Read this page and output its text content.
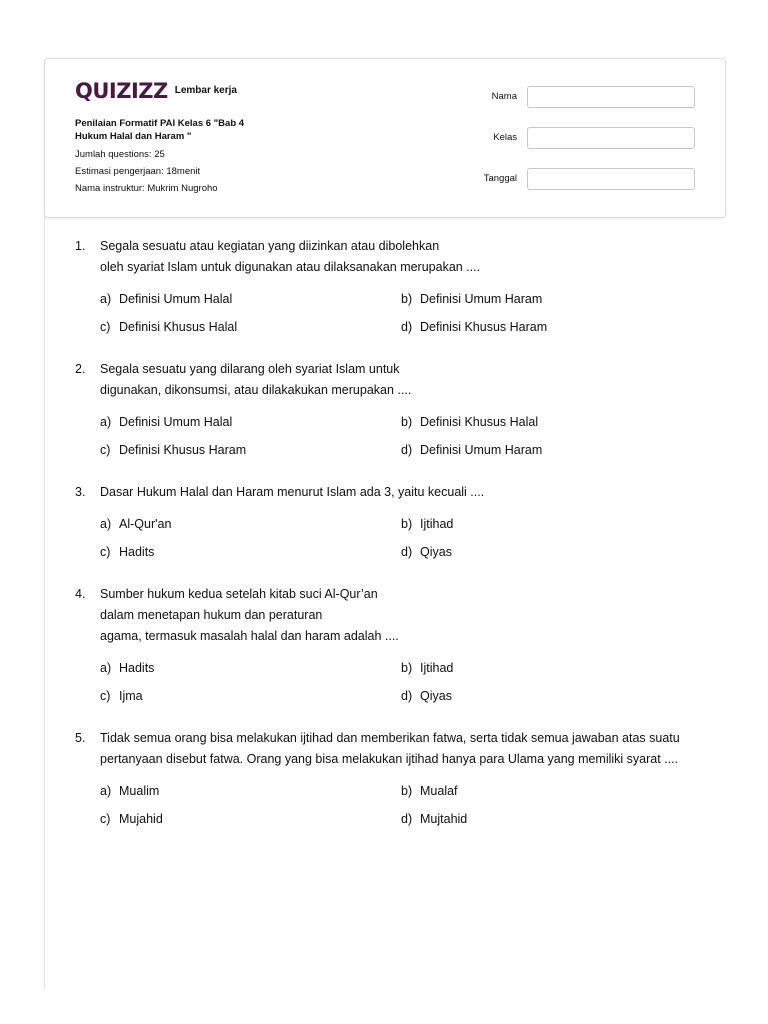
QUIZIZZ Lembar kerja
Penilaian Formatif PAI Kelas 6 "Bab 4
Hukum Halal dan Haram "
Jumlah questions: 25
Estimasi pengerjaan: 18menit
Nama instruktur: Mukrim Nugroho
Nama
Kelas
Tanggal
1.	Segala sesuatu atau kegiatan yang diizinkan atau dibolehkan
oleh syariat Islam untuk digunakan atau dilaksanakan merupakan ....
a) Definisi Umum Halal	b) Definisi Umum Haram
c) Definisi Khusus Halal	d) Definisi Khusus Haram
2.	Segala sesuatu yang dilarang oleh syariat Islam untuk
digunakan, dikonsumsi, atau dilakakukan merupakan ....
a) Definisi Umum Halal	b) Definisi Khusus Halal
c) Definisi Khusus Haram	d) Definisi Umum Haram
3.	Dasar Hukum Halal dan Haram menurut Islam ada 3, yaitu kecuali ....
a) Al-Qur'an	b) Ijtihad
c) Hadits	d) Qiyas
4.	Sumber hukum kedua setelah kitab suci Al-Qur’an
dalam menetapan hukum dan peraturan
agama, termasuk masalah halal dan haram adalah ....
a) Hadits	b) Ijtihad
c) Ijma	d) Qiyas
5.	Tidak semua orang bisa melakukan ijtihad dan memberikan fatwa, serta tidak semua jawaban atas suatu
pertanyaan disebut fatwa. Orang yang bisa melakukan ijtihad hanya para Ulama yang memiliki syarat ....
a) Mualim	b) Mualaf
c) Mujahid	d) Mujtahid
